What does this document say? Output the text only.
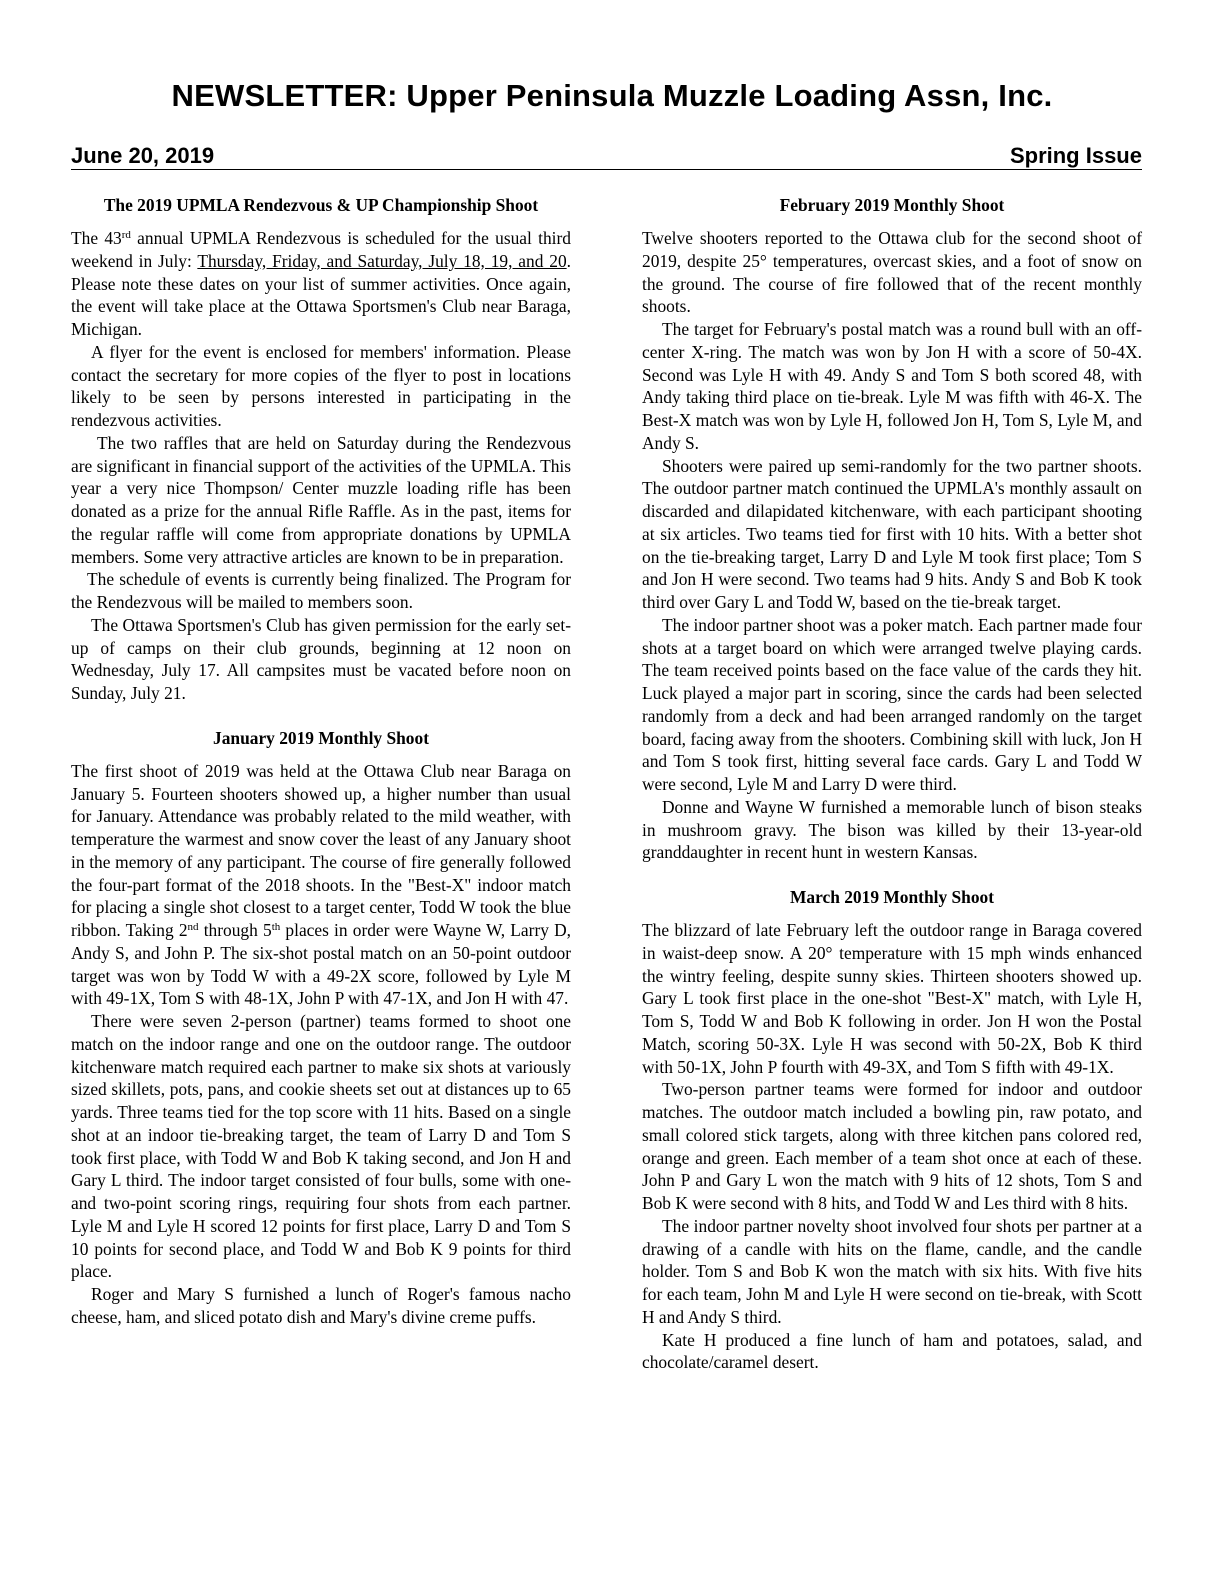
NEWSLETTER: Upper Peninsula Muzzle Loading Assn, Inc.
June 20, 2019	Spring Issue
The 2019 UPMLA Rendezvous & UP Championship Shoot

The 43rd annual UPMLA Rendezvous is scheduled for the usual third weekend in July: Thursday, Friday, and Saturday, July 18, 19, and 20. Please note these dates on your list of summer activities. Once again, the event will take place at the Ottawa Sportsmen's Club near Baraga, Michigan.

A flyer for the event is enclosed for members' information. Please contact the secretary for more copies of the flyer to post in locations likely to be seen by persons interested in participating in the rendezvous activities.

The two raffles that are held on Saturday during the Rendezvous are significant in financial support of the activities of the UPMLA. This year a very nice Thompson/ Center muzzle loading rifle has been donated as a prize for the annual Rifle Raffle. As in the past, items for the regular raffle will come from appropriate donations by UPMLA members. Some very attractive articles are known to be in preparation.

The schedule of events is currently being finalized. The Program for the Rendezvous will be mailed to members soon.

The Ottawa Sportsmen's Club has given permission for the early set-up of camps on their club grounds, beginning at 12 noon on Wednesday, July 17. All campsites must be vacated before noon on Sunday, July 21.

January 2019 Monthly Shoot

The first shoot of 2019 was held at the Ottawa Club near Baraga on January 5. Fourteen shooters showed up, a higher number than usual for January. Attendance was probably related to the mild weather, with temperature the warmest and snow cover the least of any January shoot in the memory of any participant. The course of fire generally followed the four-part format of the 2018 shoots. In the "Best-X" indoor match for placing a single shot closest to a target center, Todd W took the blue ribbon. Taking 2nd through 5th places in order were Wayne W, Larry D, Andy S, and John P. The six-shot postal match on an 50-point outdoor target was won by Todd W with a 49-2X score, followed by Lyle M with 49-1X, Tom S with 48-1X, John P with 47-1X, and Jon H with 47.

There were seven 2-person (partner) teams formed to shoot one match on the indoor range and one on the outdoor range. The outdoor kitchenware match required each partner to make six shots at variously sized skillets, pots, pans, and cookie sheets set out at distances up to 65 yards. Three teams tied for the top score with 11 hits. Based on a single shot at an indoor tie-breaking target, the team of Larry D and Tom S took first place, with Todd W and Bob K taking second, and Jon H and Gary L third. The indoor target consisted of four bulls, some with one- and two-point scoring rings, requiring four shots from each partner. Lyle M and Lyle H scored 12 points for first place, Larry D and Tom S 10 points for second place, and Todd W and Bob K 9 points for third place.

Roger and Mary S furnished a lunch of Roger's famous nacho cheese, ham, and sliced potato dish and Mary's divine creme puffs.

February 2019 Monthly Shoot

Twelve shooters reported to the Ottawa club for the second shoot of 2019, despite 25° temperatures, overcast skies, and a foot of snow on the ground. The course of fire followed that of the recent monthly shoots.

The target for February's postal match was a round bull with an off-center X-ring. The match was won by Jon H with a score of 50-4X. Second was Lyle H with 49. Andy S and Tom S both scored 48, with Andy taking third place on tie-break. Lyle M was fifth with 46-X. The Best-X match was won by Lyle H, followed Jon H, Tom S, Lyle M, and Andy S.

Shooters were paired up semi-randomly for the two partner shoots. The outdoor partner match continued the UPMLA's monthly assault on discarded and dilapidated kitchenware, with each participant shooting at six articles. Two teams tied for first with 10 hits. With a better shot on the tie-breaking target, Larry D and Lyle M took first place; Tom S and Jon H were second. Two teams had 9 hits. Andy S and Bob K took third over Gary L and Todd W, based on the tie-break target.

The indoor partner shoot was a poker match. Each partner made four shots at a target board on which were arranged twelve playing cards. The team received points based on the face value of the cards they hit. Luck played a major part in scoring, since the cards had been selected randomly from a deck and had been arranged randomly on the target board, facing away from the shooters. Combining skill with luck, Jon H and Tom S took first, hitting several face cards. Gary L and Todd W were second, Lyle M and Larry D were third.

Donne and Wayne W furnished a memorable lunch of bison steaks in mushroom gravy. The bison was killed by their 13-year-old granddaughter in recent hunt in western Kansas.

March 2019 Monthly Shoot

The blizzard of late February left the outdoor range in Baraga covered in waist-deep snow. A 20° temperature with 15 mph winds enhanced the wintry feeling, despite sunny skies. Thirteen shooters showed up. Gary L took first place in the one-shot "Best-X" match, with Lyle H, Tom S, Todd W and Bob K following in order. Jon H won the Postal Match, scoring 50-3X. Lyle H was second with 50-2X, Bob K third with 50-1X, John P fourth with 49-3X, and Tom S fifth with 49-1X.

Two-person partner teams were formed for indoor and outdoor matches. The outdoor match included a bowling pin, raw potato, and small colored stick targets, along with three kitchen pans colored red, orange and green. Each member of a team shot once at each of these. John P and Gary L won the match with 9 hits of 12 shots, Tom S and Bob K were second with 8 hits, and Todd W and Les third with 8 hits.

The indoor partner novelty shoot involved four shots per partner at a drawing of a candle with hits on the flame, candle, and the candle holder. Tom S and Bob K won the match with six hits. With five hits for each team, John M and Lyle H were second on tie-break, with Scott H and Andy S third.

Kate H produced a fine lunch of ham and potatoes, salad, and chocolate/caramel desert.
